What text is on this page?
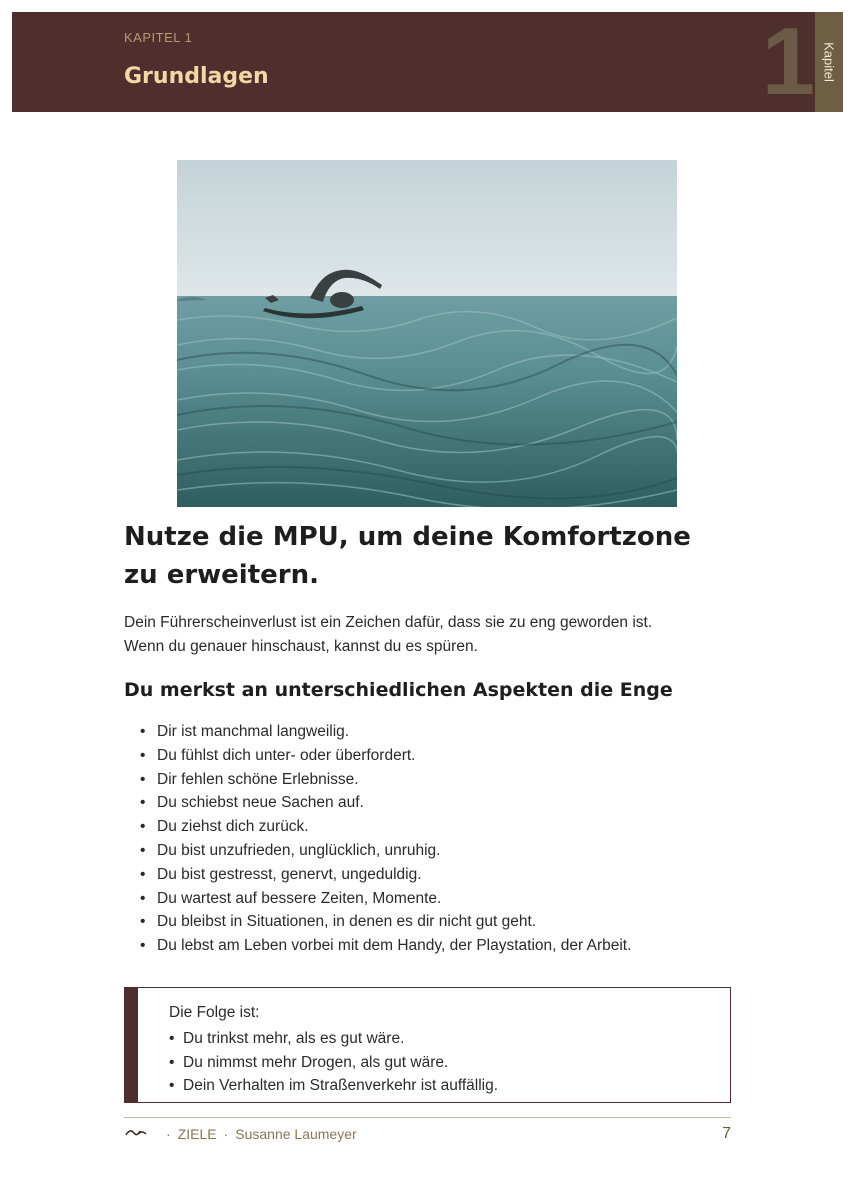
KAPITEL 1
Grundlagen	1 Kapitel
Nutze die MPU, um deine Komfortzone zu erweitern.
Dein Führerscheinverlust ist ein Zeichen dafür, dass sie zu eng geworden ist. Wenn du genauer hinschaust, kannst du es spüren.
Du merkst an unterschiedlichen Aspekten die Enge
• Dir ist manchmal langweilig.
• Du fühlst dich unter- oder überfordert.
• Dir fehlen schöne Erlebnisse.
• Du schiebst neue Sachen auf.
• Du ziehst dich zurück.
• Du bist unzufrieden, unglücklich, unruhig.
• Du bist gestresst, genervt, ungeduldig.
• Du wartest auf bessere Zeiten, Momente.
• Du bleibst in Situationen, in denen es dir nicht gut geht.
• Du lebst am Leben vorbei mit dem Handy, der Playstation, der Arbeit.
Die Folge ist:
• Du trinkst mehr, als es gut wäre.
• Du nimmst mehr Drogen, als gut wäre.
• Dein Verhalten im Straßenverkehr ist auffällig.
· ZIELE · Susanne Laumeyer	7
